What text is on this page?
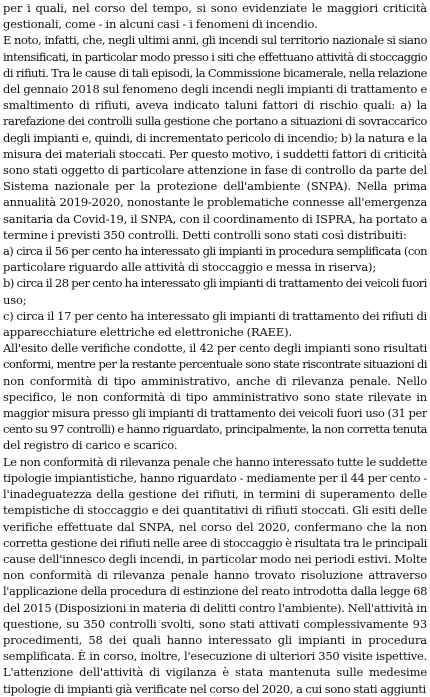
per i quali, nel corso del tempo, si sono evidenziate le maggiori criticità
gestionali, come - in alcuni casi - i fenomeni di incendio.
E noto, infatti, che, negli ultimi anni, gli incendi sul territorio nazionale si siano
intensificati, in particolar modo presso i siti che effettuano attività di stoccaggio
di rifiuti. Tra le cause di tali episodi, la Commissione bicamerale, nella relazione
del gennaio 2018 sul fenomeno degli incendi negli impianti di trattamento e
smaltimento di rifiuti, aveva indicato taluni fattori di rischio quali: a) la
rarefazione dei controlli sulla gestione che portano a situazioni di sovraccarico
degli impianti e, quindi, di incrementato pericolo di incendio; b) la natura e la
misura dei materiali stoccati. Per questo motivo, i suddetti fattori di criticità
sono stati oggetto di particolare attenzione in fase di controllo da parte del
Sistema nazionale per la protezione dell'ambiente (SNPA). Nella prima
annualità 2019-2020, nonostante le problematiche connesse all'emergenza
sanitaria da Covid-19, il SNPA, con il coordinamento di ISPRA, ha portato a
termine i previsti 350 controlli. Detti controlli sono stati così distribuiti:
a) circa il 56 per cento ha interessato gli impianti in procedura semplificata (con
particolare riguardo alle attività di stoccaggio e messa in riserva);
b) circa il 28 per cento ha interessato gli impianti di trattamento dei veicoli fuori
uso;
c) circa il 17 per cento ha interessato gli impianti di trattamento dei rifiuti di
apparecchiature elettriche ed elettroniche (RAEE).
All'esito delle verifiche condotte, il 42 per cento degli impianti sono risultati
conformi, mentre per la restante percentuale sono state riscontrate situazioni di
non conformità di tipo amministrativo, anche di rilevanza penale. Nello
specifico, le non conformità di tipo amministrativo sono state rilevate in
maggior misura presso gli impianti di trattamento dei veicoli fuori uso (31 per
cento su 97 controlli) e hanno riguardato, principalmente, la non corretta tenuta
del registro di carico e scarico.
Le non conformità di rilevanza penale che hanno interessato tutte le suddette
tipologie impiantistiche, hanno riguardato - mediamente per il 44 per cento -
l'inadeguatezza della gestione dei rifiuti, in termini di superamento delle
tempistiche di stoccaggio e dei quantitativi di rifiuti stoccati. Gli esiti delle
verifiche effettuate dal SNPA, nel corso del 2020, confermano che la non
corretta gestione dei rifiuti nelle aree di stoccaggio è risultata tra le principali
cause dell'innesco degli incendi, in particolar modo nei periodi estivi. Molte
non conformità di rilevanza penale hanno trovato risoluzione attraverso
l'applicazione della procedura di estinzione del reato introdotta dalla legge 68
del 2015 (Disposizioni in materia di delitti contro l'ambiente). Nell'attività in
questione, su 350 controlli svolti, sono stati attivati complessivamente 93
procedimenti, 58 dei quali hanno interessato gli impianti in procedura
semplificata. È in corso, inoltre, l'esecuzione di ulteriori 350 visite ispettive.
L'attenzione dell'attività di vigilanza è stata mantenuta sulle medesime
tipologie di impianti già verificate nel corso del 2020, a cui sono stati aggiunti
